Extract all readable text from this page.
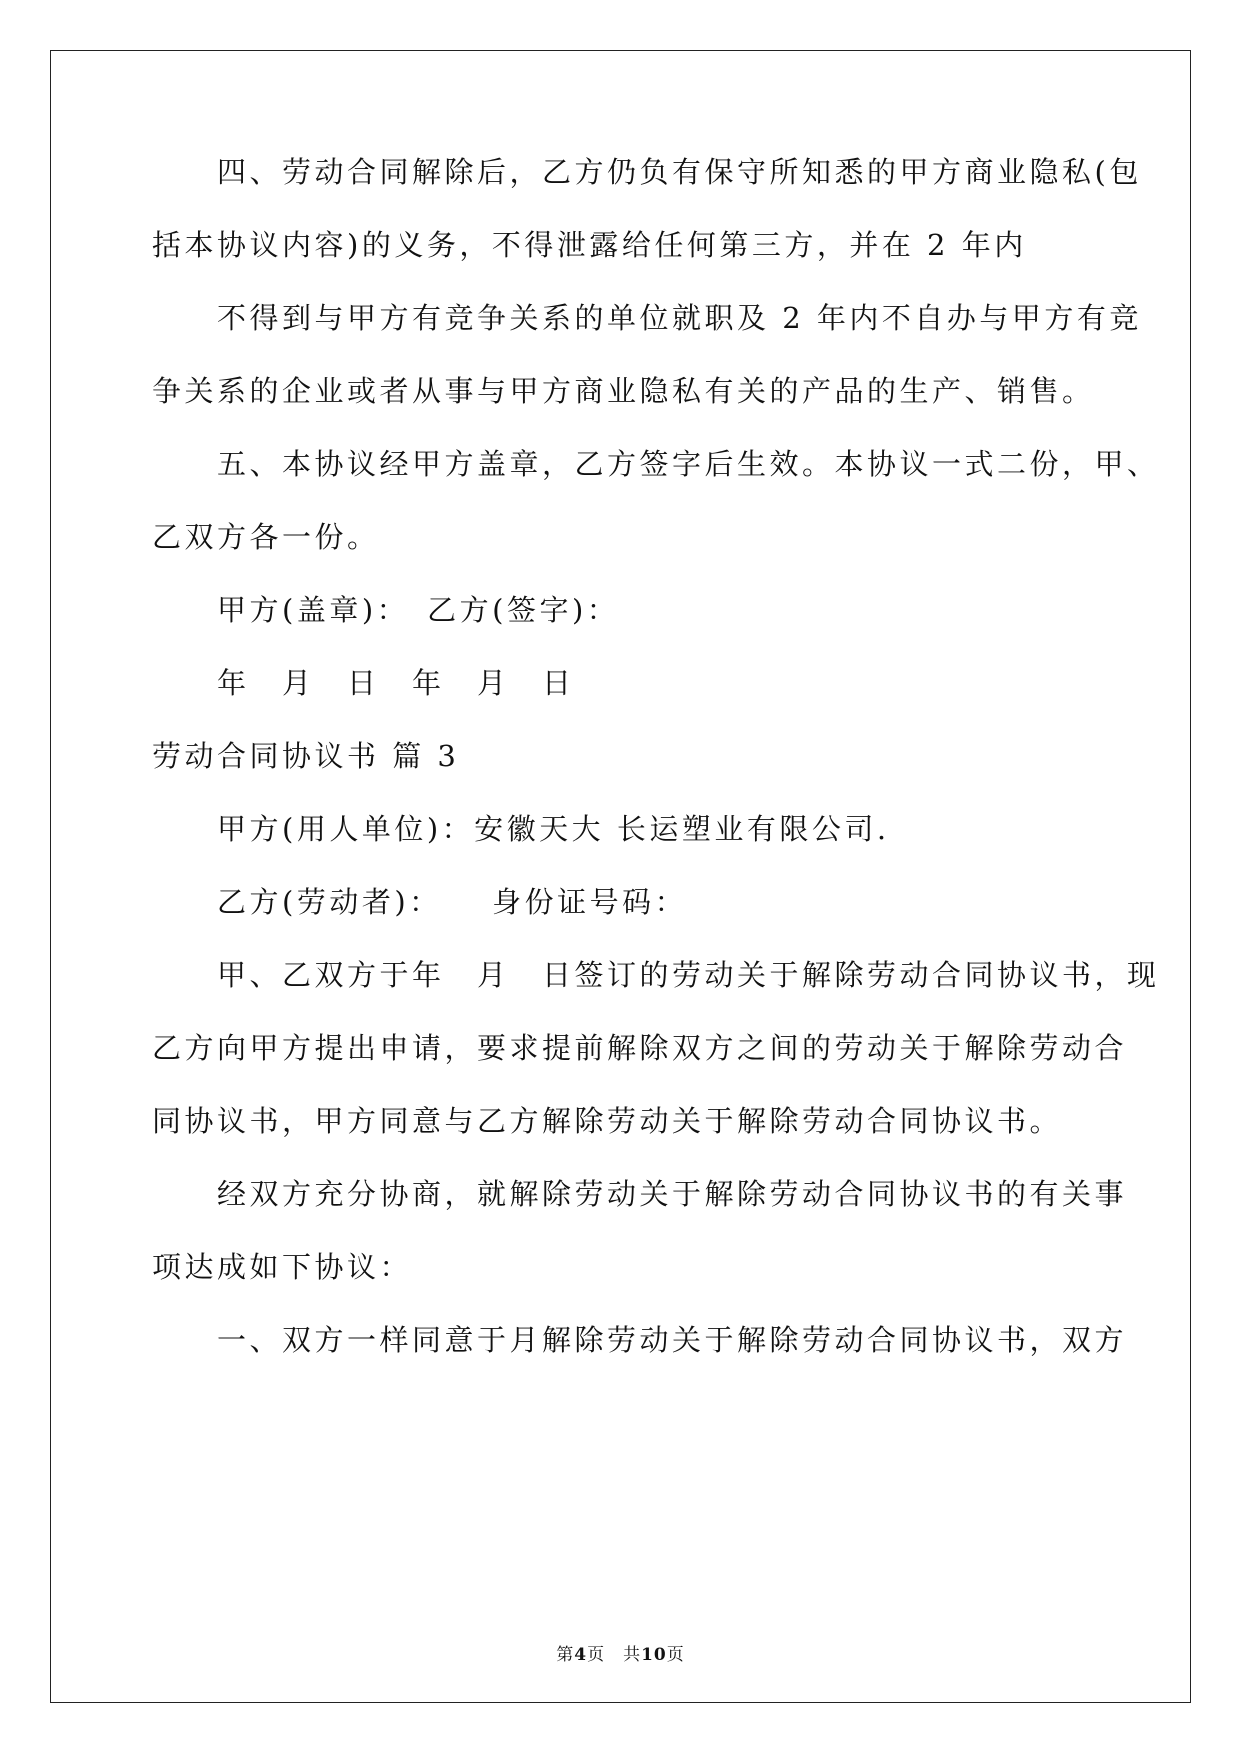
四、劳动合同解除后，乙方仍负有保守所知悉的甲方商业隐私(包
括本协议内容)的义务，不得泄露给任何第三方，并在 2 年内
不得到与甲方有竞争关系的单位就职及 2 年内不自办与甲方有竞
争关系的企业或者从事与甲方商业隐私有关的产品的生产、销售。
五、本协议经甲方盖章，乙方签字后生效。本协议一式二份，甲、
乙双方各一份。
甲方(盖章)：　乙方(签字)：
年　月　日　年　月　日
劳动合同协议书 篇 3
甲方(用人单位)：安徽天大 长运塑业有限公司.
乙方(劳动者)：　　身份证号码：
甲、乙双方于年　月　日签订的劳动关于解除劳动合同协议书，现
乙方向甲方提出申请，要求提前解除双方之间的劳动关于解除劳动合
同协议书，甲方同意与乙方解除劳动关于解除劳动合同协议书。
经双方充分协商，就解除劳动关于解除劳动合同协议书的有关事
项达成如下协议：
一、双方一样同意于月解除劳动关于解除劳动合同协议书，双方
第4页　共10页
